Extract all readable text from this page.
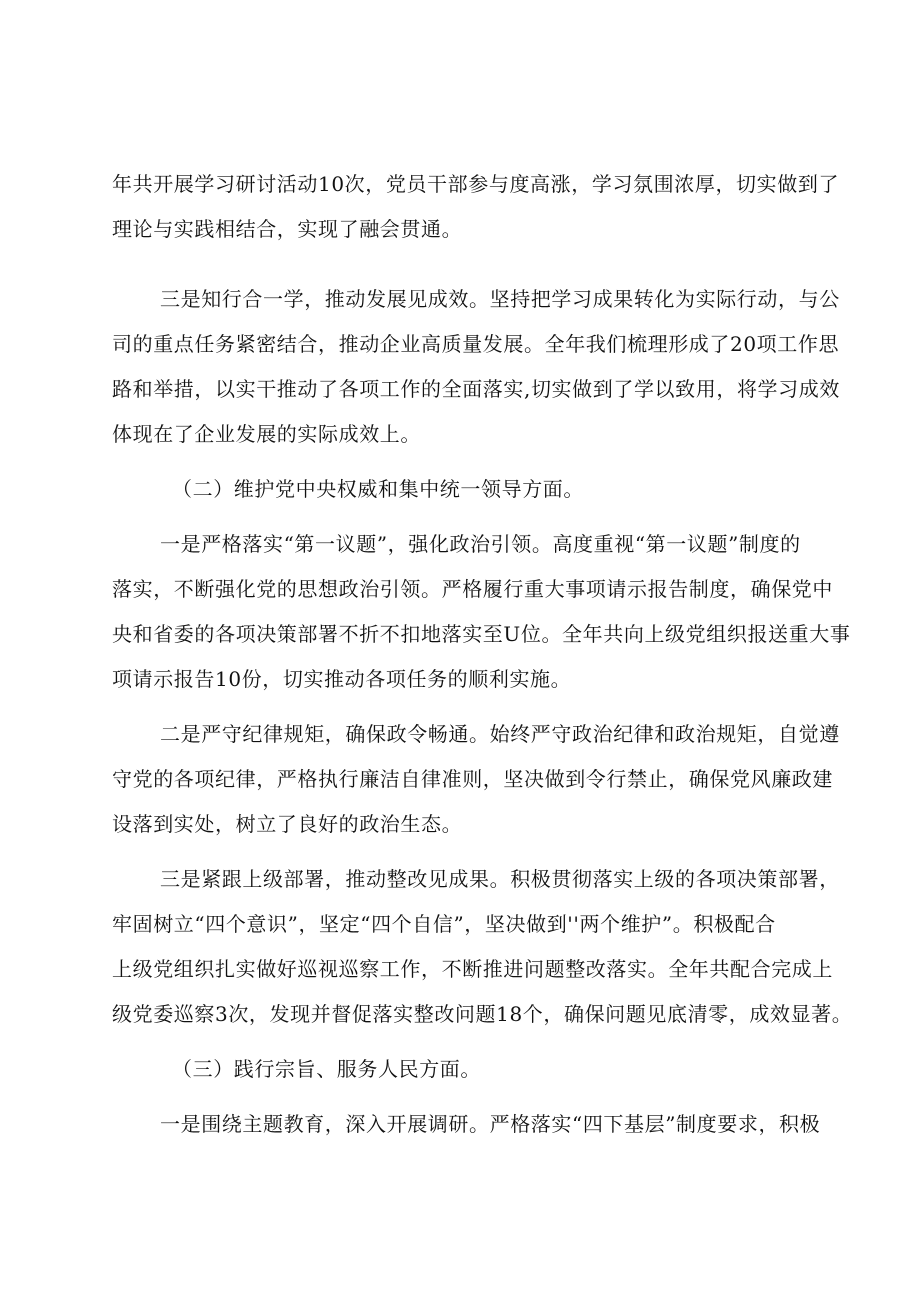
年共开展学习研讨活动10次，党员干部参与度高涨，学习氛围浓厚，切实做到了
理论与实践相结合，实现了融会贯通。
三是知行合一学，推动发展见成效。坚持把学习成果转化为实际行动，与公
司的重点任务紧密结合，推动企业高质量发展。全年我们梳理形成了20项工作思
路和举措，以实干推动了各项工作的全面落实,切实做到了学以致用，将学习成效
体现在了企业发展的实际成效上。
（二）维护党中央权威和集中统一领导方面。
一是严格落实“第一议题”，强化政治引领。高度重视“第一议题”制度的
落实，不断强化党的思想政治引领。严格履行重大事项请示报告制度，确保党中
央和省委的各项决策部署不折不扣地落实至U位。全年共向上级党组织报送重大事
项请示报告10份，切实推动各项任务的顺利实施。
二是严守纪律规矩，确保政令畅通。始终严守政治纪律和政治规矩，自觉遵
守党的各项纪律，严格执行廉洁自律准则，坚决做到令行禁止，确保党风廉政建
设落到实处，树立了良好的政治生态。
三是紧跟上级部署，推动整改见成果。积极贯彻落实上级的各项决策部署，
牢固树立“四个意识”，坚定“四个自信”，坚决做到''两个维护”。积极配合
上级党组织扎实做好巡视巡察工作，不断推进问题整改落实。全年共配合完成上
级党委巡察3次，发现并督促落实整改问题18个，确保问题见底清零，成效显著。
（三）践行宗旨、服务人民方面。
一是围绕主题教育，深入开展调研。严格落实“四下基层”制度要求，积极
